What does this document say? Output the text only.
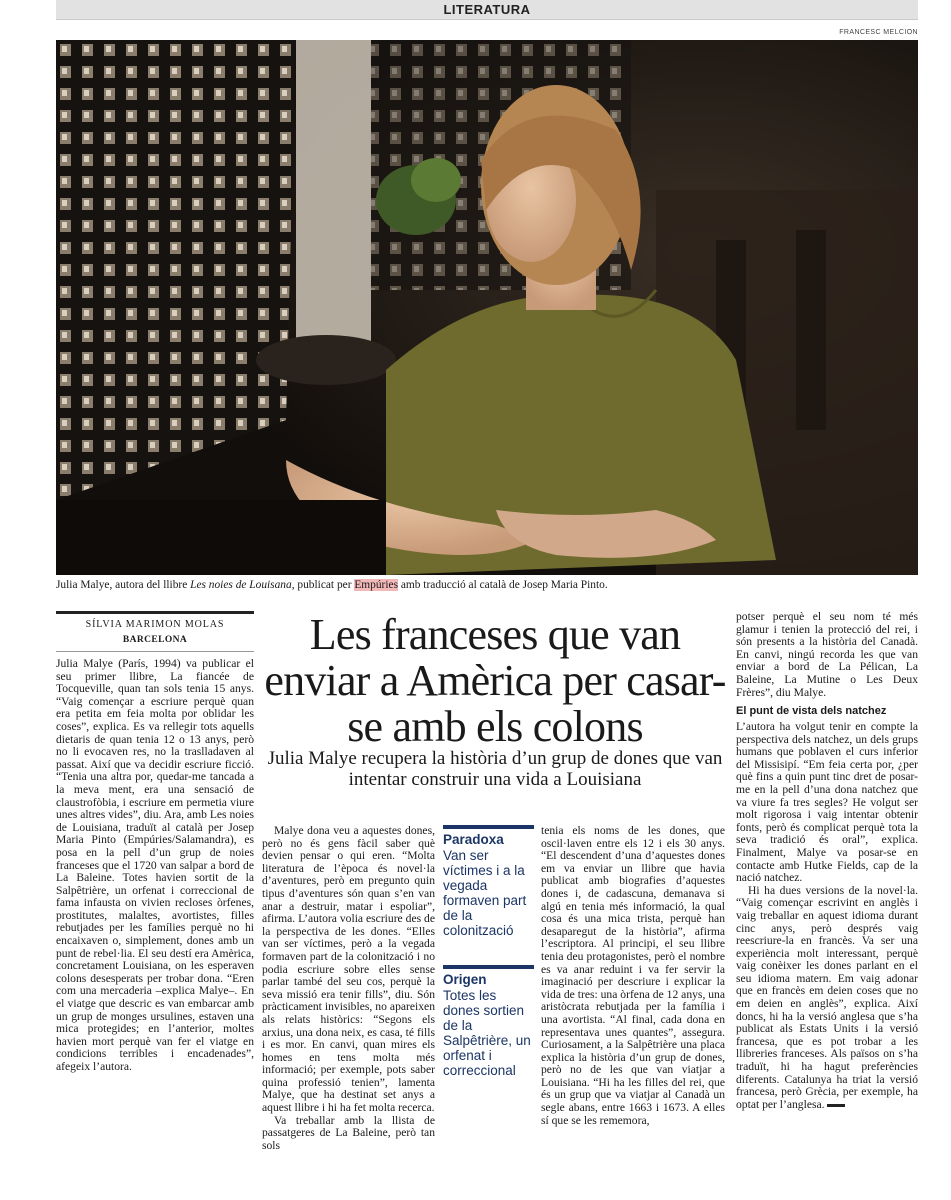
LITERATURA
FRANCESC MELCION
Julia Malye, autora del llibre Les noies de Louisana, publicat per Empúries amb traducció al català de Josep Maria Pinto.
SÍLVIA MARIMON MOLAS
BARCELONA	Les franceses que van enviar a Amèrica per casar-se amb els colons
Julia Malye recupera la història d’un grup de dones que van intentar construir una vida a Louisiana

Julia Malye (París, 1994) va publicar el seu primer llibre, La fiancée de Tocqueville, quan tan sols tenia 15 anys. “Vaig començar a escriure perquè quan era petita em feia molta por oblidar les coses”, explica. Es va rellegir tots aquells dietaris de quan tenia 12 o 13 anys, però no li evocaven res, no la traslladaven al passat. Així que va decidir escriure ficció. “Tenia una altra por, quedar-me tancada a la meva ment, era una sensació de claustrofòbia, i escriure em permetia viure unes altres vides”, diu. Ara, amb Les noies de Louisiana, traduït al català per Josep Maria Pinto (Empúries/Salamandra), es posa en la pell d’un grup de noies franceses que el 1720 van salpar a bord de La Baleine. Totes havien sortit de la Salpêtrière, un orfenat i correccional de fama infausta on vivien recloses òrfenes, prostitutes, malaltes, avortistes, filles rebutjades per les famílies perquè no hi encaixaven o, simplement, dones amb un punt de rebel·lia. El seu destí era Amèrica, concretament Louisiana, on les esperaven colons desesperats per trobar dona. “Eren com una mercaderia –explica Malye–. En el viatge que descric es van embarcar amb un grup de monges ursulines, estaven una mica protegides; en l’anterior, moltes havien mort perquè van fer el viatge en condicions terribles i encadenades”, afegeix l’autora.

Malye dona veu a aquestes dones, però no és gens fàcil saber què devien pensar o qui eren. “Molta literatura de l’època és novel·la d’aventures, però em pregunto quin tipus d’aventures són quan s’en van anar a destruir, matar i espoliar”, afirma. L’autora volia escriure des de la perspectiva de les dones. “Elles van ser víctimes, però a la vegada formaven part de la colonització i no podia escriure sobre elles sense parlar també del seu cos, perquè la seva missió era tenir fills”, diu. Són pràcticament invisibles, no apareixen als relats històrics: “Segons els arxius, una dona neix, es casa, té fills i es mor. En canvi, quan mires els homes en tens molta més informació; per exemple, pots saber quina professió tenien”, lamenta Malye, que ha destinat set anys a aquest llibre i hi ha fet molta recerca.

Va treballar amb la llista de passatgeres de La Baleine, però tan sols

Paradoxa
Van ser víctimes i a la vegada formaven part de la colonització
Origen
Totes les dones sortien de la Salpêtrière, un orfenat i correccional

tenia els noms de les dones, que oscil·laven entre els 12 i els 30 anys. “El descendent d’una d’aquestes dones em va enviar un llibre que havia publicat amb biografies d’aquestes dones i, de cadascuna, demanava si algú en tenia més informació, la qual cosa és una mica trista, perquè han desaparegut de la història”, afirma l’escriptora. Al principi, el seu llibre tenia deu protagonistes, però el nombre es va anar reduint i va fer servir la imaginació per descriure i explicar la vida de tres: una òrfena de 12 anys, una aristòcrata rebutjada per la família i una avortista. “Al final, cada dona en representava unes quantes”, assegura. Curiosament, a la Salpêtrière una placa explica la història d’un grup de dones, però no de les que van viatjar a Louisiana. “Hi ha les filles del rei, que és un grup que va viatjar al Canadà un segle abans, entre 1663 i 1673. A elles sí que se les rememora,

potser perquè el seu nom té més glamur i tenien la protecció del rei, i són presents a la història del Canadà. En canvi, ningú recorda les que van enviar a bord de La Pélican, La Baleine, La Mutine o Les Deux Frères”, diu Malye.

El punt de vista dels natchez

L’autora ha volgut tenir en compte la perspectiva dels natchez, un dels grups humans que poblaven el curs inferior del Missisipí. “Em feia certa por, ¿per què fins a quin punt tinc dret de posar-me en la pell d’una dona natchez que va viure fa tres segles? He volgut ser molt rigorosa i vaig intentar obtenir fonts, però és complicat perquè tota la seva tradició és oral”, explica. Finalment, Malye va posar-se en contacte amb Hutke Fields, cap de la nació natchez.

Hi ha dues versions de la novel·la. “Vaig començar escrivint en anglès i vaig treballar en aquest idioma durant cinc anys, però després vaig reescriure-la en francès. Va ser una experiència molt interessant, perquè vaig conèixer les dones parlant en el seu idioma matern. Em vaig adonar que en francès em deien coses que no em deien en anglès”, explica. Així doncs, hi ha la versió anglesa que s’ha publicat als Estats Units i la versió francesa, que es pot trobar a les llibreries franceses. Als països on s’ha traduït, hi ha hagut preferències diferents. Catalunya ha triat la versió francesa, però Grècia, per exemple, ha optat per l’anglesa.
